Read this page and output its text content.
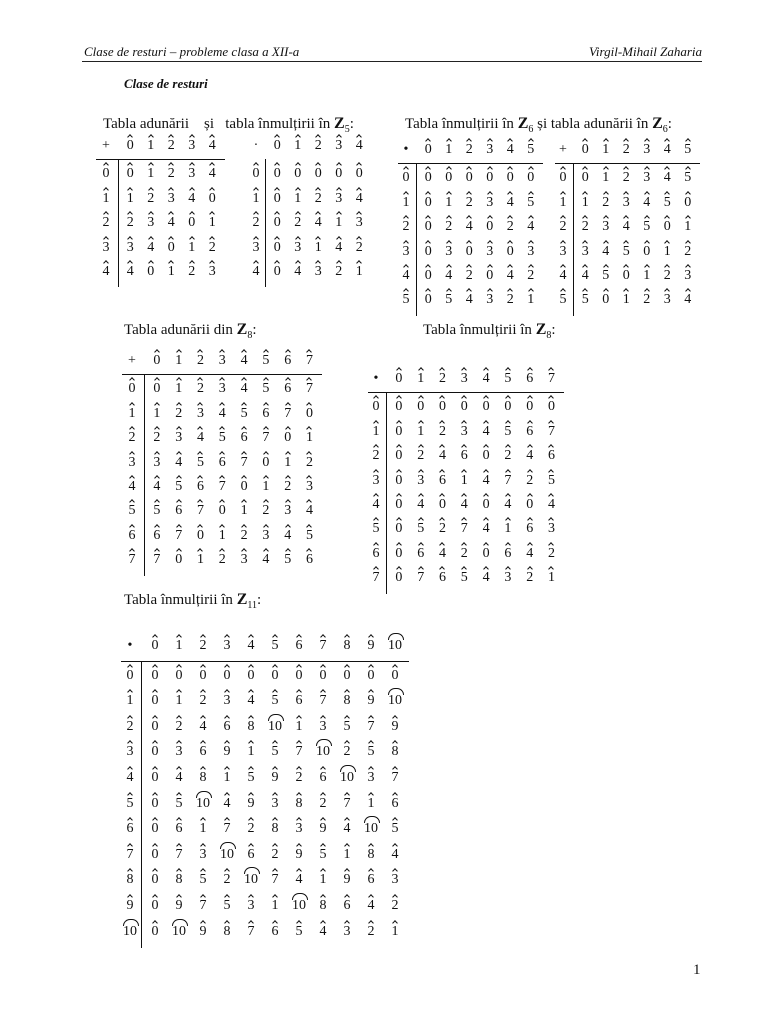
Clase de resturi – probleme clasa a XII-a	Virgil-Mihail Zaharia
Clase de resturi
Tabla adunării și tabla înmulțirii în $Z_5$:	Tabla înmulțirii în $Z_6$ și tabla adunării în $Z_6$:
Tabla adunării din $Z_8$:	Tabla înmulțirii în $Z_8$:
Tabla înmulțirii în $Z_{11}$:
+	0 1 2 3 4
0	0 1 2 3 4
1	1 2 3 4 0
2	2 3 4 0 1
3	3 4 0 1 2
4	4 0 1 2 3
·	0 1 2 3 4
0	0 0 0 0 0
1	0 1 2 3 4
2	0 2 4 1 3
3	0 3 1 4 2
4	0 4 3 2 1
•	0 1 2 3 4 5
0	0 0 0 0 0 0
1	0 1 2 3 4 5
2	0 2 4 0 2 4
3	0 3 0 3 0 3
4	0 4 2 0 4 2
5	0 5 4 3 2 1
+	0 1 2 3 4 5
0	0 1 2 3 4 5
1	1 2 3 4 5 0
2	2 3 4 5 0 1
3	3 4 5 0 1 2
4	4 5 0 1 2 3
5	5 0 1 2 3 4
+	0	1	2	3	4	5	6	7
0	0	1	2	3	4	5	6	7
1	1	2	3	4	5	6	7	0
2	2	3	4	5	6	7	0	1
3	3	4	5	6	7	0	1	2
4	4	5	6	7	0	1	2	3
5	5	6	7	0	1	2	3	4
6	6	7	0	1	2	3	4	5
7	7	0	1	2	3	4	5	6
•	0	1	2	3	4	5	6	7
0	0	0	0	0	0	0	0	0
1	0	1	2	3	4	5	6	7
2	0	2	4	6	0	2	4	6
3	0	3	6	1	4	7	2	5
4	0	4	0	4	0	4	0	4
5	0	5	2	7	4	1	6	3
6	0	6	4	2	0	6	4	2
7	0	7	6	5	4	3	2	1
•	0	1	2	3	4	5	6	7	8	9 10
0	0	0	0	0	0	0	0	0	0	0	0
1	0	1	2	3	4	5	6	7	8	9 10
2	0	2	4	6	8 10 1	3	5	7	9
3	0	3	6	9	1	5	7 10 2	5	8
4	0	4	8	1	5	9	2	6 10 3	7
5	0	5 10 4	9	3	8	2	7	1	6
6	0	6	1	7	2	8	3	9	4 10 5
7	0	7	3 10 6	2	9	5	1	8	4
8	0	8	5	2 10 7	4	1	9	6	3
9	0	9	7	5	3	1 10 8	6	4	2
10	0 10 9	8	7	6	5	4	3	2	1
1
